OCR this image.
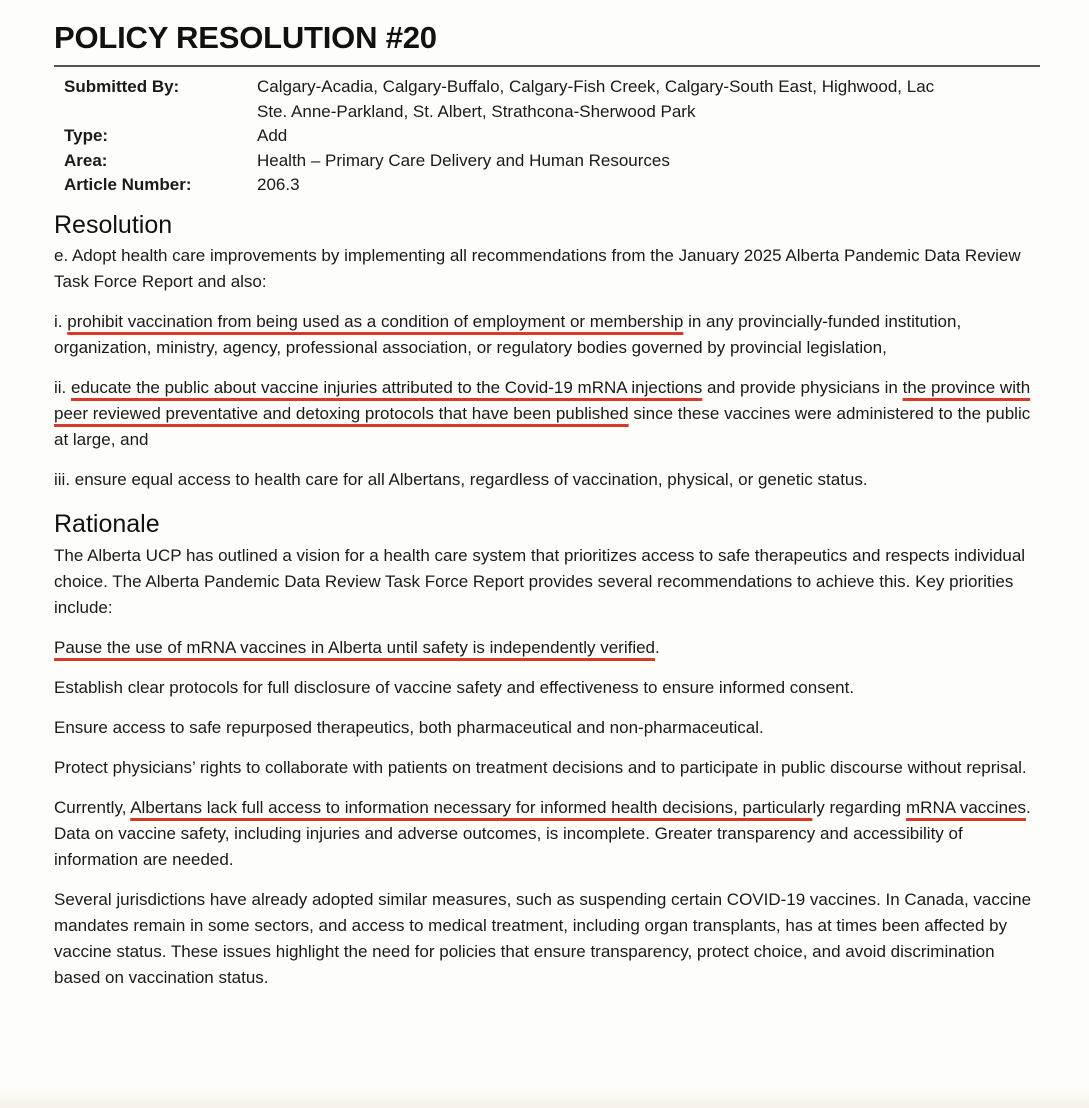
POLICY RESOLUTION #20
Submitted By:	Calgary-Acadia, Calgary-Buffalo, Calgary-Fish Creek, Calgary-South East, Highwood, Lac Ste. Anne-Parkland, St. Albert, Strathcona-Sherwood Park
Type:	Add
Area:	Health – Primary Care Delivery and Human Resources
Article Number:	206.3
Resolution

e. Adopt health care improvements by implementing all recommendations from the January 2025 Alberta Pandemic Data Review Task Force Report and also:

i. prohibit vaccination from being used as a condition of employment or membership in any provincially-funded institution, organization, ministry, agency, professional association, or regulatory bodies governed by provincial legislation,

ii. educate the public about vaccine injuries attributed to the Covid-19 mRNA injections and provide physicians in the province with peer reviewed preventative and detoxing protocols that have been published since these vaccines were administered to the public at large, and

iii. ensure equal access to health care for all Albertans, regardless of vaccination, physical, or genetic status.

Rationale

The Alberta UCP has outlined a vision for a health care system that prioritizes access to safe therapeutics and respects individual choice. The Alberta Pandemic Data Review Task Force Report provides several recommendations to achieve this. Key priorities include:

Pause the use of mRNA vaccines in Alberta until safety is independently verified.

Establish clear protocols for full disclosure of vaccine safety and effectiveness to ensure informed consent.

Ensure access to safe repurposed therapeutics, both pharmaceutical and non-pharmaceutical.

Protect physicians’ rights to collaborate with patients on treatment decisions and to participate in public discourse without reprisal.

Currently, Albertans lack full access to information necessary for informed health decisions, particularly regarding mRNA vaccines. Data on vaccine safety, including injuries and adverse outcomes, is incomplete. Greater transparency and accessibility of information are needed.

Several jurisdictions have already adopted similar measures, such as suspending certain COVID-19 vaccines. In Canada, vaccine mandates remain in some sectors, and access to medical treatment, including organ transplants, has at times been affected by vaccine status. These issues highlight the need for policies that ensure transparency, protect choice, and avoid discrimination based on vaccination status.
